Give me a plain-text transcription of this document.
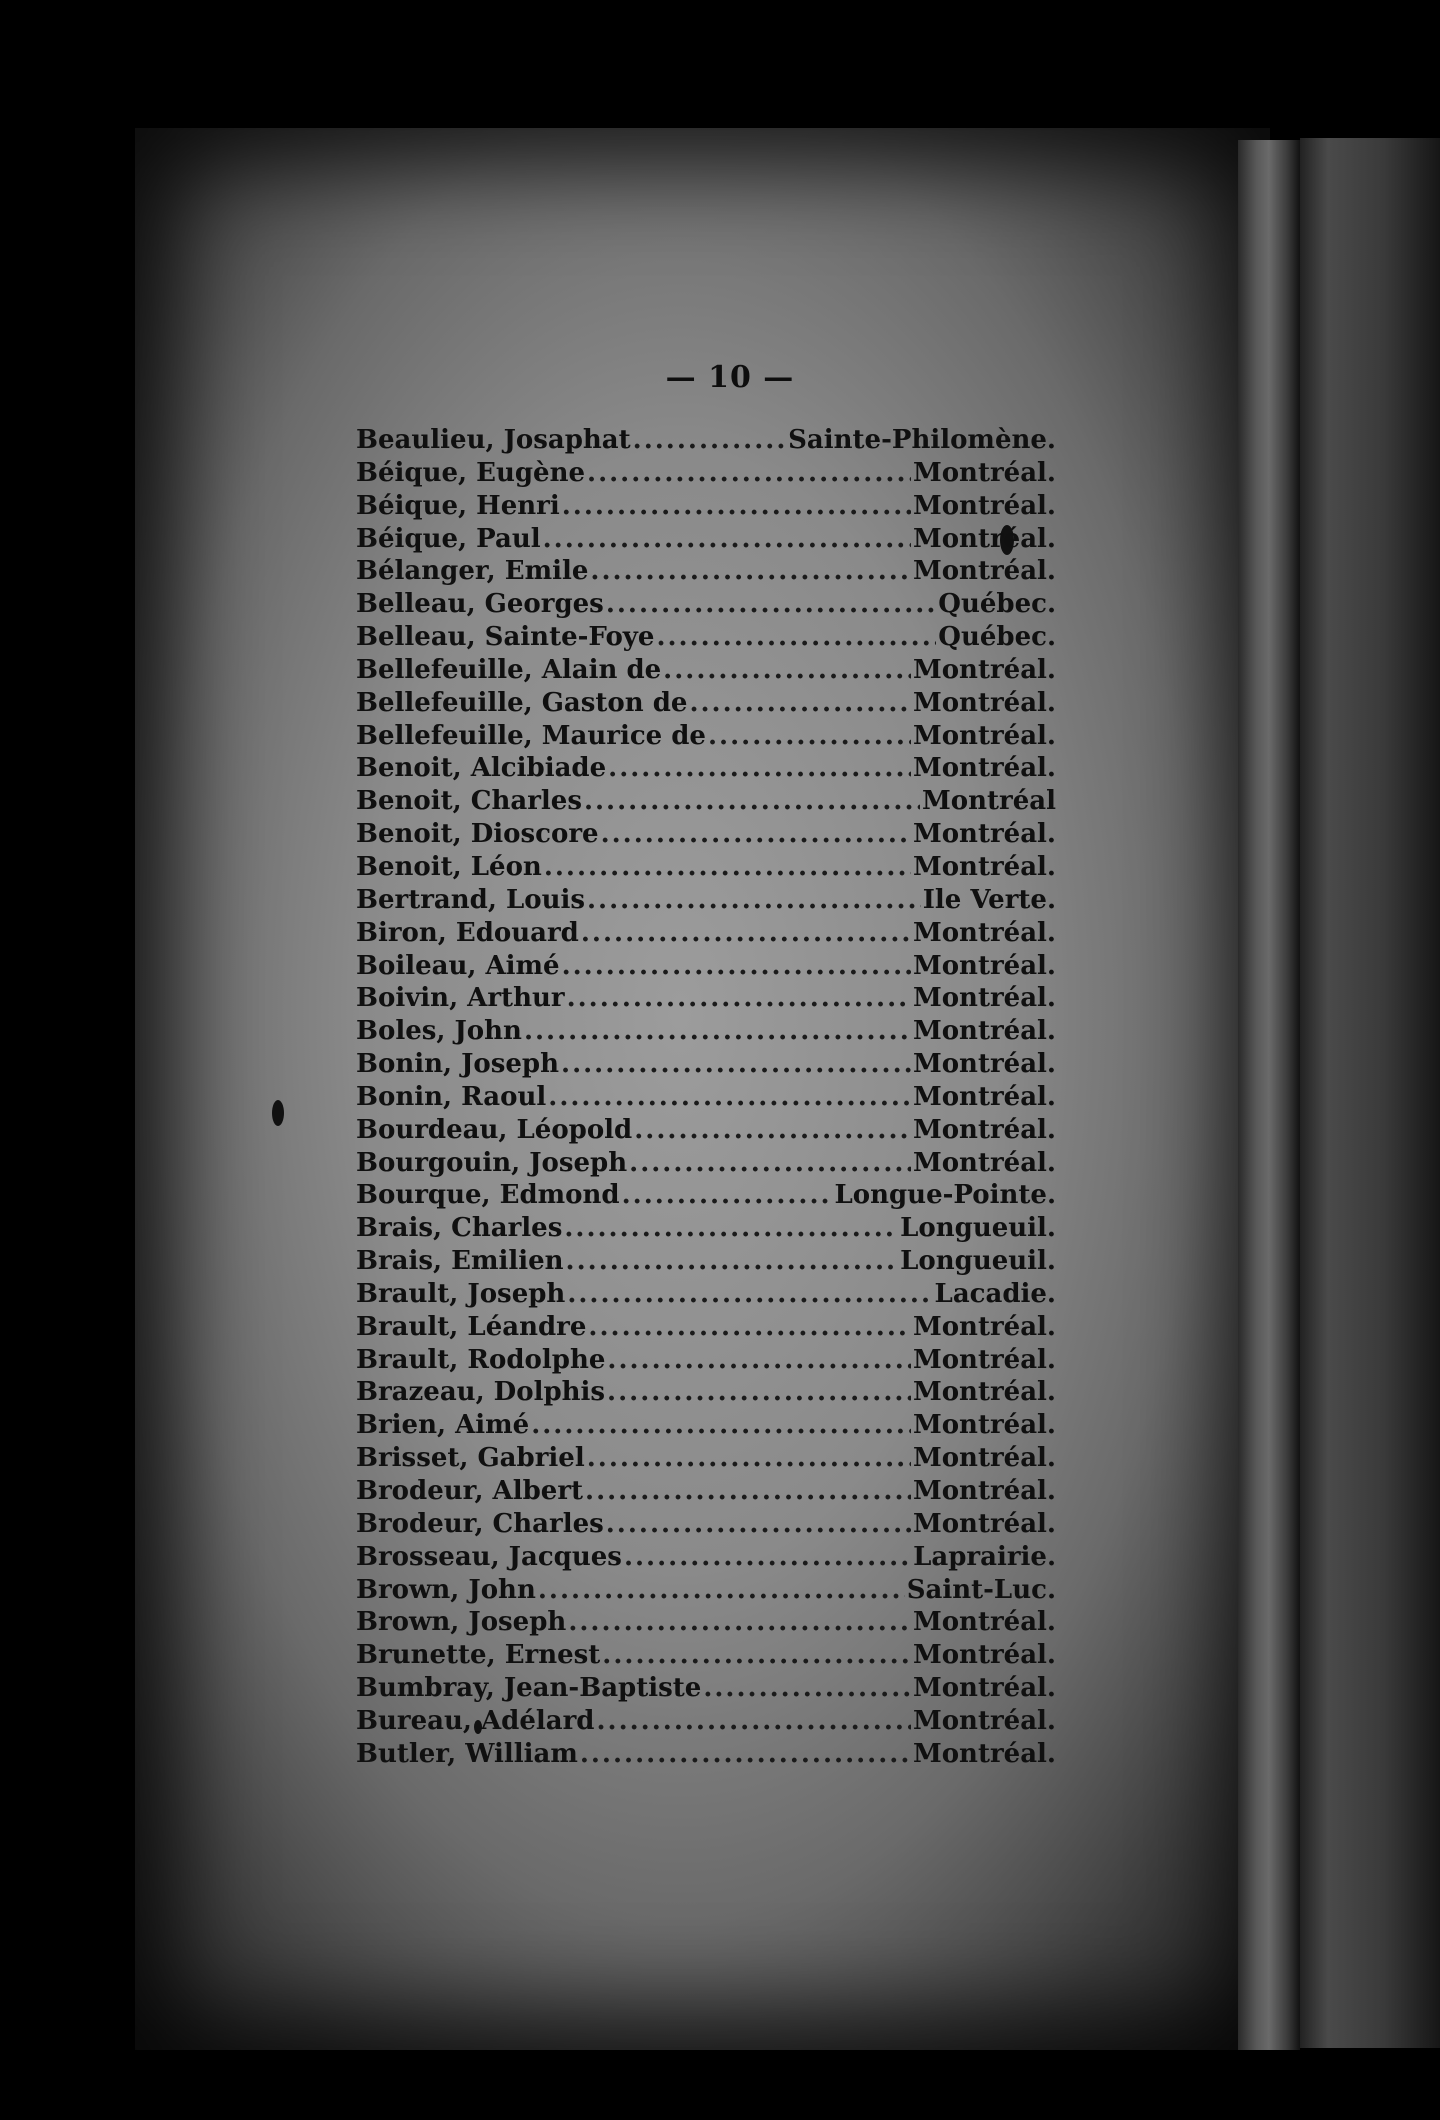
— 10 —
Beaulieu, Josaphat .....	Sainte-Philomène.
Béique, Eugène .....	Montréal.
Béique, Henri .....	Montréal.
Béique, Paul .....	Montréal.
Bélanger, Emile .....	Montréal.
Belleau, Georges .....	Québec.
Belleau, Sainte-Foye .....	Québec.
Bellefeuille, Alain de .....	Montréal.
Bellefeuille, Gaston de .....	Montréal.
Bellefeuille, Maurice de .....	Montréal.
Benoit, Alcibiade .....	Montréal.
Benoit, Charles .....	Montréal
Benoit, Dioscore .....	Montréal.
Benoit, Léon .....	Montréal.
Bertrand, Louis .....	Ile Verte.
Biron, Edouard .....	Montréal.
Boileau, Aimé .....	Montréal.
Boivin, Arthur .....	Montréal.
Boles, John .....	Montréal.
Bonin, Joseph .....	Montréal.
Bonin, Raoul .....	Montréal.
Bourdeau, Léopold .....	Montréal.
Bourgouin, Joseph .....	Montréal.
Bourque, Edmond .....	Longue-Pointe.
Brais, Charles .....	Longueuil.
Brais, Emilien .....	Longueuil.
Brault, Joseph .....	Lacadie.
Brault, Léandre .....	Montréal.
Brault, Rodolphe .....	Montréal.
Brazeau, Dolphis .....	Montréal.
Brien, Aimé .....	Montréal.
Brisset, Gabriel .....	Montréal.
Brodeur, Albert .....	Montréal.
Brodeur, Charles .....	Montréal.
Brosseau, Jacques .....	Laprairie.
Brown, John .....	Saint-Luc.
Brown, Joseph .....	Montréal.
Brunette, Ernest .....	Montréal.
Bumbray, Jean-Baptiste .....	Montréal.
Bureau, Adélard .....	Montréal.
Butler, William .....	Montréal.
